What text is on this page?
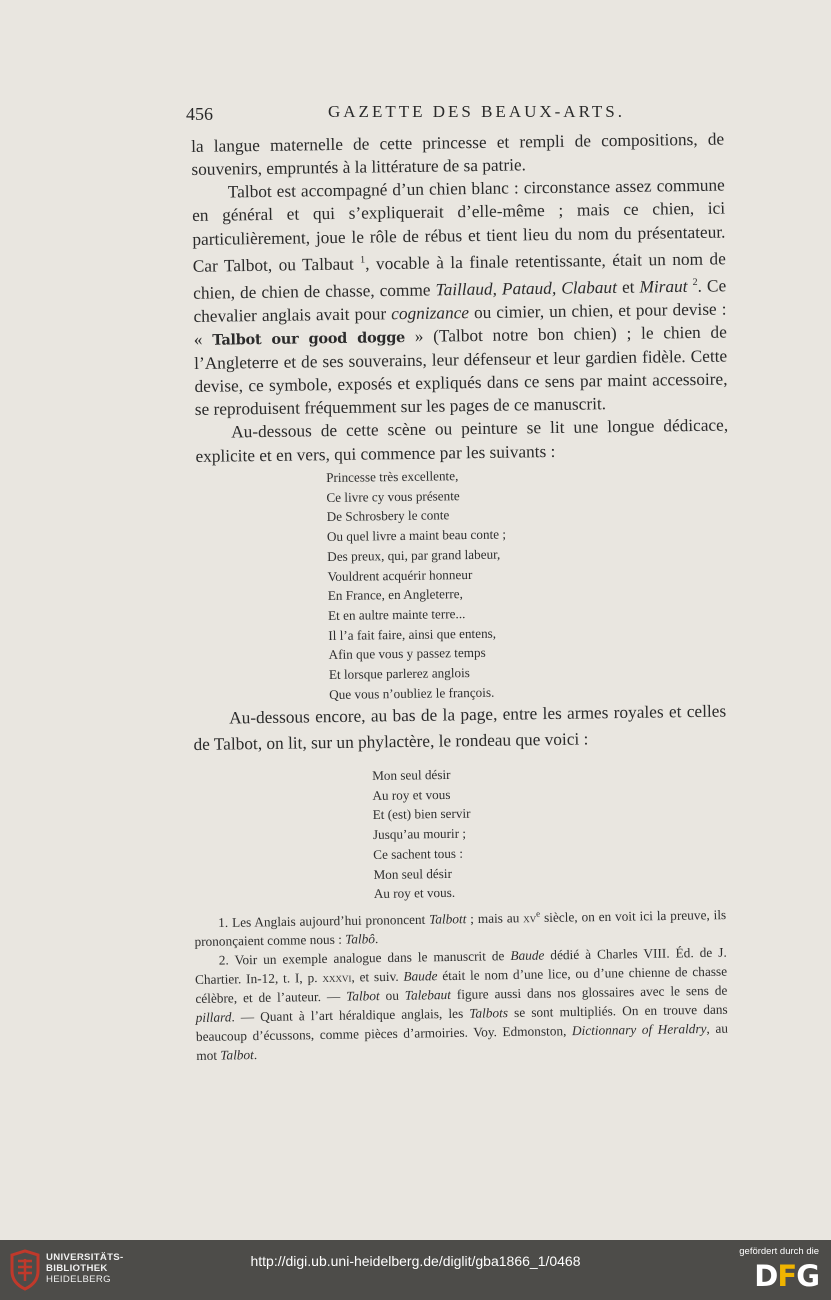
456	GAZETTE DES BEAUX-ARTS.

la langue maternelle de cette princesse et rempli de compositions, de souvenirs, empruntés à la littérature de sa patrie.

Talbot est accompagné d’un chien blanc : circonstance assez commune en général et qui s’expliquerait d’elle-même ; mais ce chien, ici particulièrement, joue le rôle de rébus et tient lieu du nom du présentateur. Car Talbot, ou Talbaut $^1$, vocable à la finale retentissante, était un nom de chien, de chien de chasse, comme Taillaud, Pataud, Clabaut et Miraut $^2$. Ce chevalier anglais avait pour cognizance ou cimier, un chien, et pour devise : « Talbot our good dogge » (Talbot notre bon chien) ; le chien de l’Angleterre et de ses souverains, leur défenseur et leur gardien fidèle. Cette devise, ce symbole, exposés et expliqués dans ce sens par maint accessoire, se reproduisent fréquemment sur les pages de ce manuscrit.

Au-dessous de cette scène ou peinture se lit une longue dédicace, explicite et en vers, qui commence par les suivants :

Princesse très excellente,
Ce livre cy vous présente
De Schrosbery le conte
Ou quel livre a maint beau conte ;
Des preux, qui, par grand labeur,
Vouldrent acquérir honneur
En France, en Angleterre,
Et en aultre mainte terre...
Il l’a fait faire, ainsi que entens,
Afin que vous y passez temps
Et lorsque parlerez anglois
Que vous n’oubliez le françois.

Au-dessous encore, au bas de la page, entre les armes royales et celles de Talbot, on lit, sur un phylactère, le rondeau que voici :

Mon seul désir
Au roy et vous
Et (est) bien servir
Jusqu’au mourir ;
Ce sachent tous :
Mon seul désir
Au roy et vous.

1. Les Anglais aujourd’hui prononcent Talbott ; mais au $xv^e$ siècle, on en voit ici la preuve, ils prononçaient comme nous : Talbô.

2. Voir un exemple analogue dans le manuscrit de Baude dédié à Charles VIII. Éd. de J. Chartier. In-12, t. I, p. xxxvi, et suiv. Baude était le nom d’une lice, ou d’une chienne de chasse célèbre, et de l’auteur. — Talbot ou Talebaut figure aussi dans nos glossaires avec le sens de pillard. — Quant à l’art héraldique anglais, les Talbots se sont multipliés. On en trouve dans beaucoup d’écussons, comme pièces d’armoiries. Voy. Edmonston, Dictionnary of Heraldry, au mot Talbot.

UNIVERSITÄTS-
BIBLIOTHEK
HEIDELBERG
http://digi.ub.uni-heidelberg.de/diglit/gba1866_1/0468
gefördert durch die
DFG
